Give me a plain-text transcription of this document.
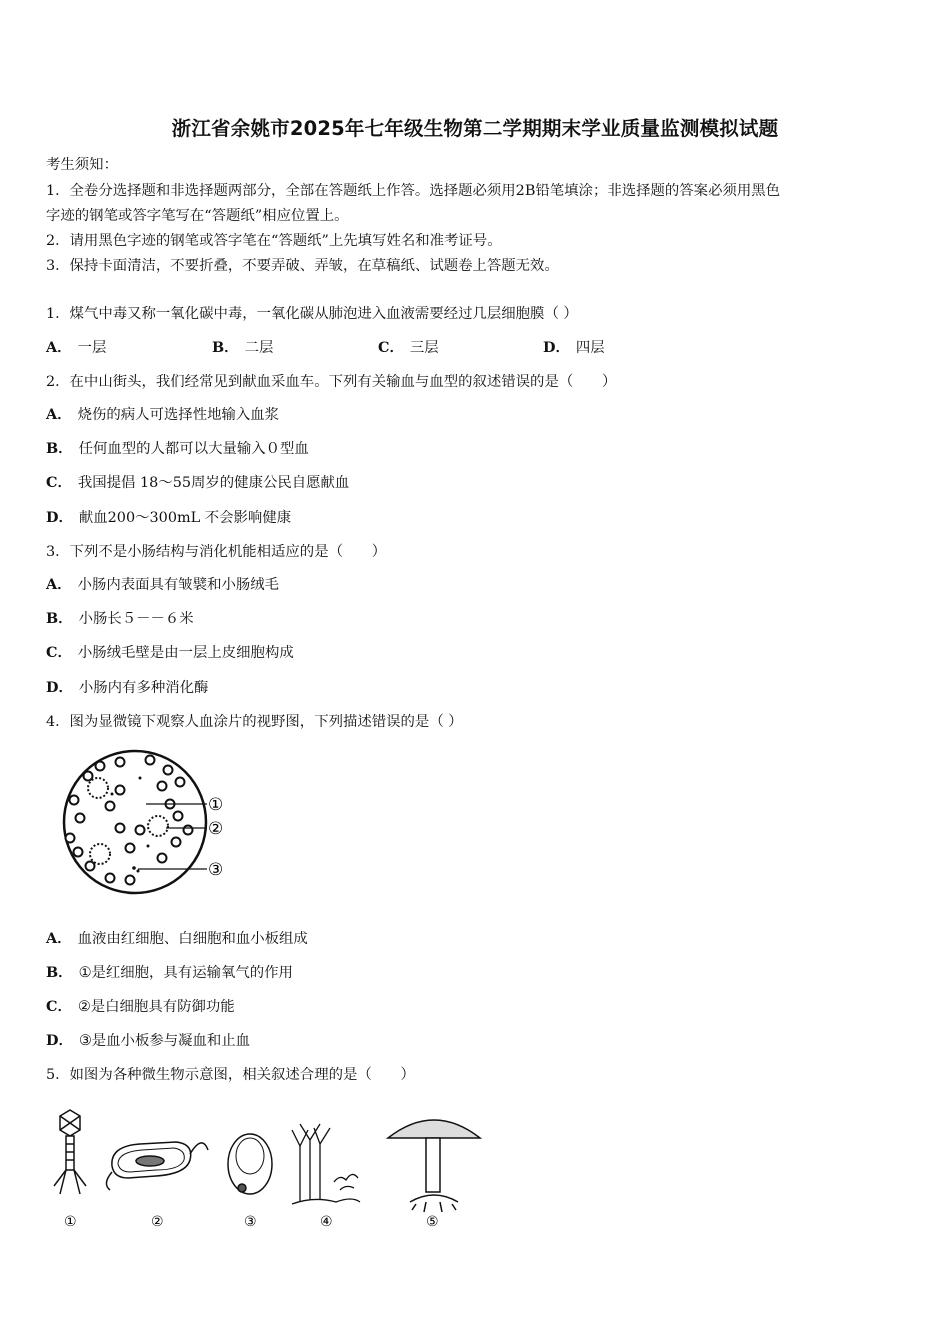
浙江省余姚市2025年七年级生物第二学期期末学业质量监测模拟试题
考生须知：
1．全卷分选择题和非选择题两部分，全部在答题纸上作答。选择题必须用2B铅笔填涂；非选择题的答案必须用黑色
字迹的钢笔或答字笔写在“答题纸”相应位置上。
2．请用黑色字迹的钢笔或答字笔在“答题纸”上先填写姓名和准考证号。
3．保持卡面清洁，不要折叠，不要弄破、弄皱，在草稿纸、试题卷上答题无效。
1．煤气中毒又称一氧化碳中毒，一氧化碳从肺泡进入血液需要经过几层细胞膜（ ）
A． 一层	B． 二层	C． 三层	D． 四层
2．在中山街头，我们经常见到献血采血车。下列有关输血与血型的叙述错误的是（　　）
A． 烧伤的病人可选择性地输入血浆
B． 任何血型的人都可以大量输入０型血
C． 我国提倡 18～55周岁的健康公民自愿献血
D． 献血200～300mL 不会影响健康
3．下列不是小肠结构与消化机能相适应的是（　　）
A． 小肠内表面具有皱襞和小肠绒毛
B． 小肠长５－－６米
C． 小肠绒毛壁是由一层上皮细胞构成
D． 小肠内有多种消化酶
4．图为显微镜下观察人血涂片的视野图，下列描述错误的是（ ）
①
②
③
A． 血液由红细胞、白细胞和血小板组成
B． ①是红细胞，具有运输氧气的作用
C． ②是白细胞具有防御功能
D． ③是血小板参与凝血和止血
5．如图为各种微生物示意图，相关叙述合理的是（　　）
①	②	③	④	⑤
